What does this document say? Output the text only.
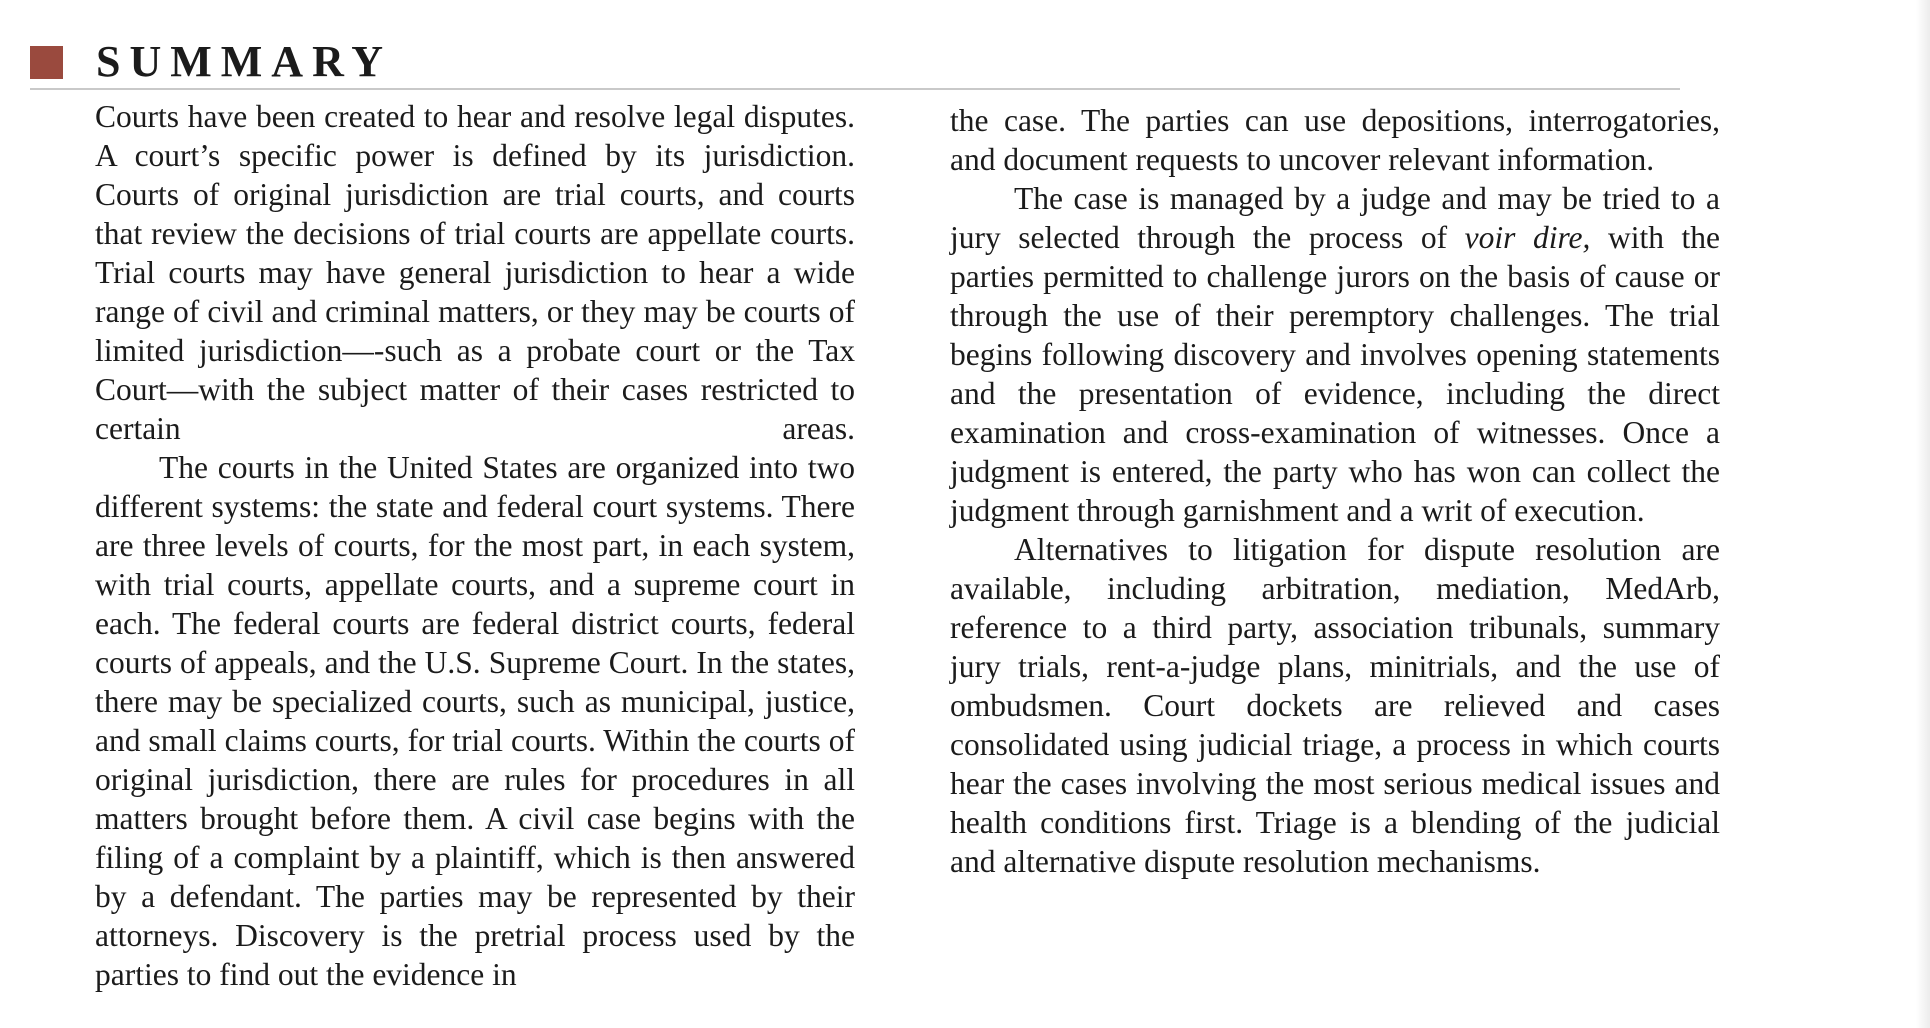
SUMMARY

Courts have been created to hear and resolve legal disputes. A court’s specific power is defined by its jurisdiction. Courts of original jurisdiction are trial courts, and courts that review the decisions of trial courts are appellate courts. Trial courts may have general jurisdiction to hear a wide range of civil and criminal matters, or they may be courts of limited jurisdiction—-such as a probate court or the Tax Court—with the subject matter of their cases restricted to certain areas.

The courts in the United States are organized into two different systems: the state and federal court systems. There are three levels of courts, for the most part, in each system, with trial courts, appellate courts, and a supreme court in each. The federal courts are federal district courts, federal courts of appeals, and the U.S. Supreme Court. In the states, there may be specialized courts, such as municipal, justice, and small claims courts, for trial courts. Within the courts of original jurisdiction, there are rules for procedures in all matters brought before them. A civil case begins with the filing of a complaint by a plaintiff, which is then answered by a defendant. The parties may be represented by their attorneys. Discovery is the pretrial process used by the parties to find out the evidence in

the case. The parties can use depositions, interrogatories, and document requests to uncover relevant information.

The case is managed by a judge and may be tried to a jury selected through the process of voir dire, with the parties permitted to challenge jurors on the basis of cause or through the use of their peremptory challenges. The trial begins following discovery and involves opening statements and the presentation of evidence, including the direct examination and cross-examination of witnesses. Once a judgment is entered, the party who has won can collect the judgment through garnishment and a writ of execution.

Alternatives to litigation for dispute resolution are available, including arbitration, mediation, MedArb, reference to a third party, association tribunals, summary jury trials, rent-a-judge plans, minitrials, and the use of ombudsmen. Court dockets are relieved and cases consolidated using judicial triage, a process in which courts hear the cases involving the most serious medical issues and health conditions first. Triage is a blending of the judicial and alternative dispute resolution mechanisms.
